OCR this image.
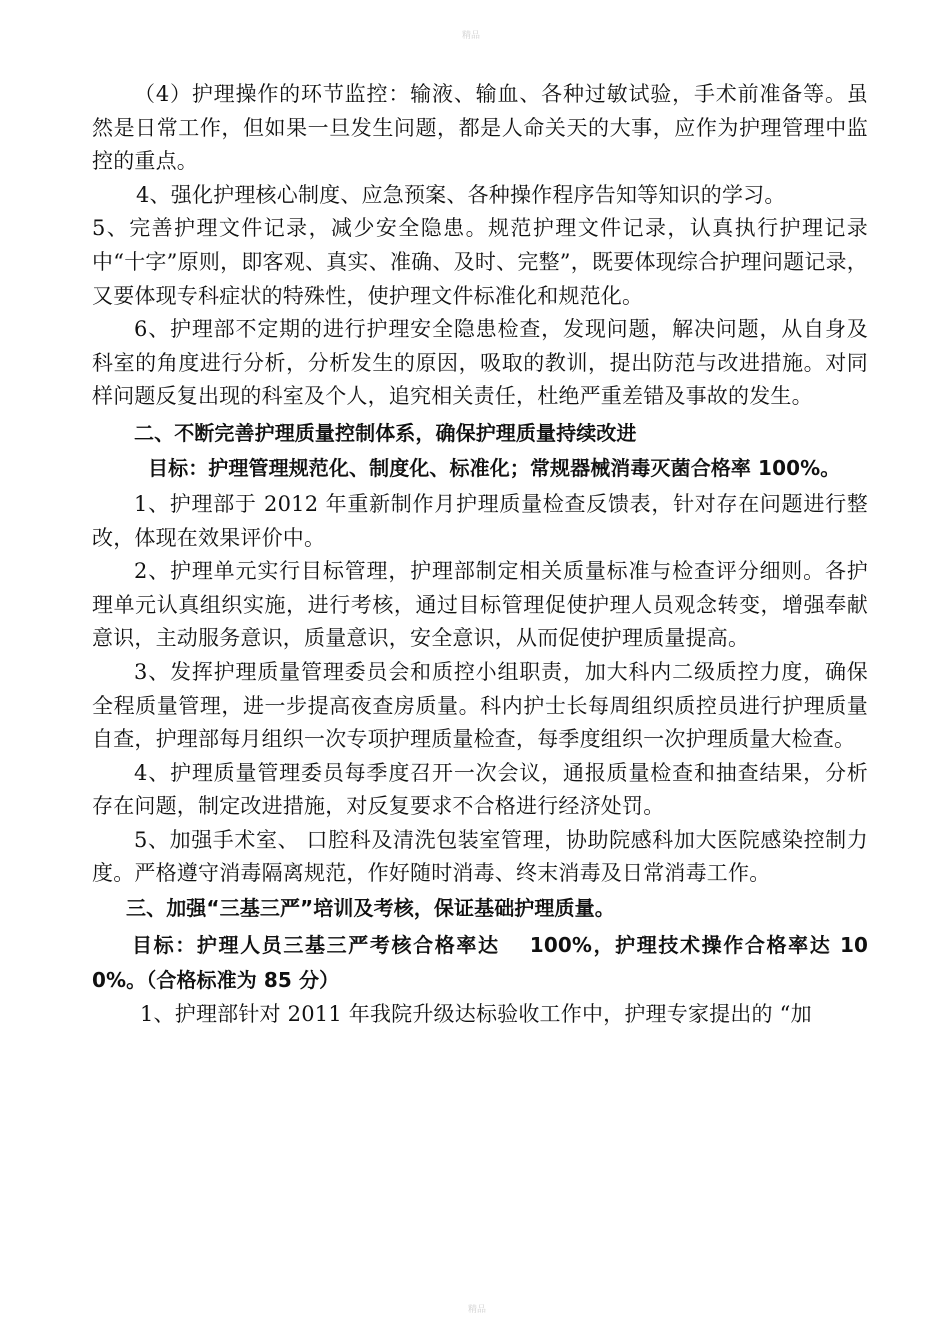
精品

（4）护理操作的环节监控：输液、输血、各种过敏试验，手术前准备等。虽然是日常工作，但如果一旦发生问题，都是人命关天的大事，应作为护理管理中监控的重点。

4、强化护理核心制度、应急预案、各种操作程序告知等知识的学习。

5、完善护理文件记录，减少安全隐患。规范护理文件记录，认真执行护理记录中“十字”原则，即客观、真实、准确、及时、完整”，既要体现综合护理问题记录，又要体现专科症状的特殊性，使护理文件标准化和规范化。

6、护理部不定期的进行护理安全隐患检查，发现问题，解决问题，从自身及科室的角度进行分析，分析发生的原因，吸取的教训，提出防范与改进措施。对同样问题反复出现的科室及个人，追究相关责任，杜绝严重差错及事故的发生。

二、不断完善护理质量控制体系，确保护理质量持续改进

目标：护理管理规范化、制度化、标准化；常规器械消毒灭菌合格率 100%。

1、护理部于 2012 年重新制作月护理质量检查反馈表，针对存在问题进行整改，体现在效果评价中。

2、护理单元实行目标管理，护理部制定相关质量标准与检查评分细则。各护理单元认真组织实施，进行考核，通过目标管理促使护理人员观念转变，增强奉献意识，主动服务意识，质量意识，安全意识，从而促使护理质量提高。

3、发挥护理质量管理委员会和质控小组职责，加大科内二级质控力度，确保全程质量管理，进一步提高夜查房质量。科内护士长每周组织质控员进行护理质量自查，护理部每月组织一次专项护理质量检查，每季度组织一次护理质量大检查。

4、护理质量管理委员每季度召开一次会议，通报质量检查和抽查结果，分析存在问题，制定改进措施，对反复要求不合格进行经济处罚。

5、加强手术室、 口腔科及清洗包装室管理，协助院感科加大医院感染控制力度。严格遵守消毒隔离规范，作好随时消毒、终末消毒及日常消毒工作。

三、加强“三基三严”培训及考核，保证基础护理质量。

目标：护理人员三基三严考核合格率达　 100%，护理技术操作合格率达 100%。（合格标准为 85 分）

1、护理部针对 2011 年我院升级达标验收工作中，护理专家提出的 “加

精品
